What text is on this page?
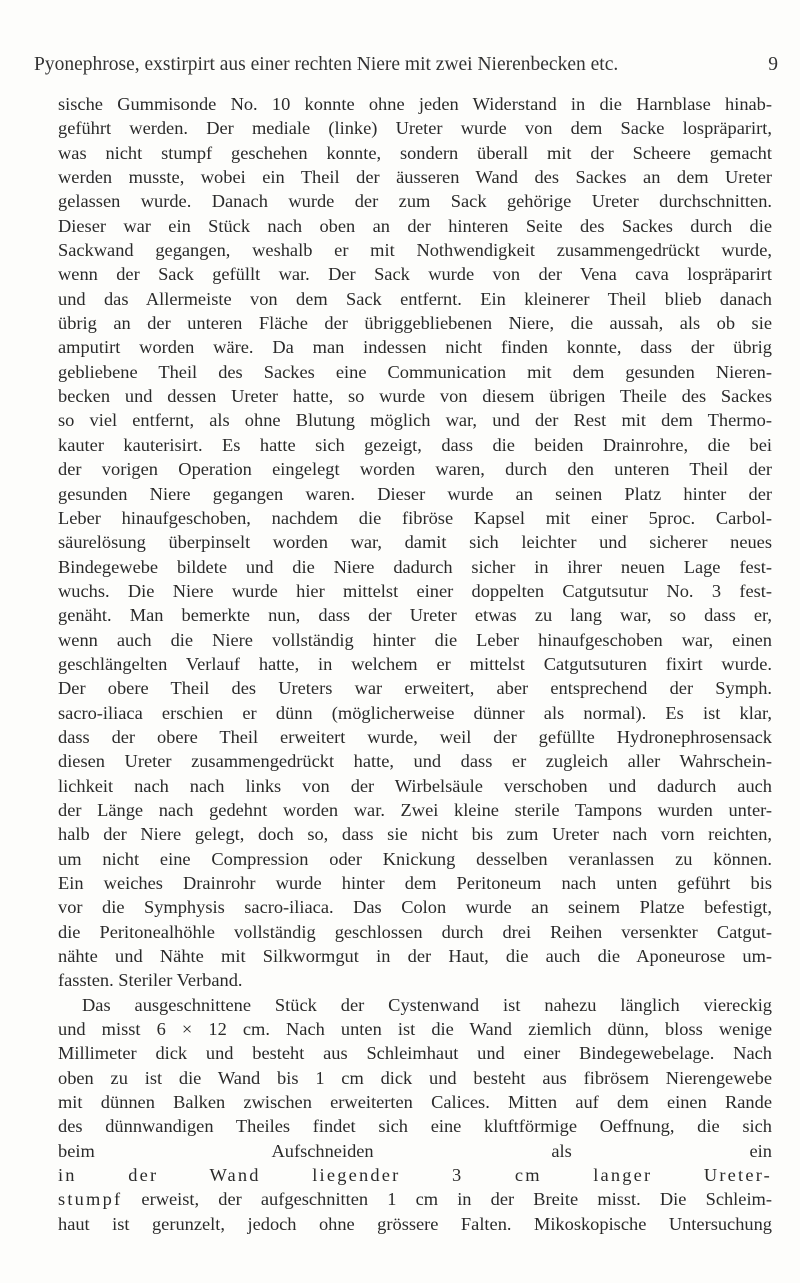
Pyonephrose, exstirpirt aus einer rechten Niere mit zwei Nierenbecken etc.	9
sische Gummisonde No. 10 konnte ohne jeden Widerstand in die Harnblase hinab-
geführt werden. Der mediale (linke) Ureter wurde von dem Sacke lospräparirt,
was nicht stumpf geschehen konnte, sondern überall mit der Scheere gemacht
werden musste, wobei ein Theil der äusseren Wand des Sackes an dem Ureter
gelassen wurde. Danach wurde der zum Sack gehörige Ureter durchschnitten.
Dieser war ein Stück nach oben an der hinteren Seite des Sackes durch die
Sackwand gegangen, weshalb er mit Nothwendigkeit zusammengedrückt wurde,
wenn der Sack gefüllt war. Der Sack wurde von der Vena cava lospräparirt
und das Allermeiste von dem Sack entfernt. Ein kleinerer Theil blieb danach
übrig an der unteren Fläche der übriggebliebenen Niere, die aussah, als ob sie
amputirt worden wäre. Da man indessen nicht finden konnte, dass der übrig
gebliebene Theil des Sackes eine Communication mit dem gesunden Nieren-
becken und dessen Ureter hatte, so wurde von diesem übrigen Theile des Sackes
so viel entfernt, als ohne Blutung möglich war, und der Rest mit dem Thermo-
kauter kauterisirt. Es hatte sich gezeigt, dass die beiden Drainrohre, die bei
der vorigen Operation eingelegt worden waren, durch den unteren Theil der
gesunden Niere gegangen waren. Dieser wurde an seinen Platz hinter der
Leber hinaufgeschoben, nachdem die fibröse Kapsel mit einer 5proc. Carbol-
säurelösung überpinselt worden war, damit sich leichter und sicherer neues
Bindegewebe bildete und die Niere dadurch sicher in ihrer neuen Lage fest-
wuchs. Die Niere wurde hier mittelst einer doppelten Catgutsutur No. 3 fest-
genäht. Man bemerkte nun, dass der Ureter etwas zu lang war, so dass er,
wenn auch die Niere vollständig hinter die Leber hinaufgeschoben war, einen
geschlängelten Verlauf hatte, in welchem er mittelst Catgutsuturen fixirt wurde.
Der obere Theil des Ureters war erweitert, aber entsprechend der Symph.
sacro-iliaca erschien er dünn (möglicherweise dünner als normal). Es ist klar,
dass der obere Theil erweitert wurde, weil der gefüllte Hydronephrosensack
diesen Ureter zusammengedrückt hatte, und dass er zugleich aller Wahrschein-
lichkeit nach nach links von der Wirbelsäule verschoben und dadurch auch
der Länge nach gedehnt worden war. Zwei kleine sterile Tampons wurden unter-
halb der Niere gelegt, doch so, dass sie nicht bis zum Ureter nach vorn reichten,
um nicht eine Compression oder Knickung desselben veranlassen zu können.
Ein weiches Drainrohr wurde hinter dem Peritoneum nach unten geführt bis
vor die Symphysis sacro-iliaca. Das Colon wurde an seinem Platze befestigt,
die Peritonealhöhle vollständig geschlossen durch drei Reihen versenkter Catgut-
nähte und Nähte mit Silkwormgut in der Haut, die auch die Aponeurose um-
fassten. Steriler Verband.
Das ausgeschnittene Stück der Cystenwand ist nahezu länglich viereckig
und misst 6 × 12 cm. Nach unten ist die Wand ziemlich dünn, bloss wenige
Millimeter dick und besteht aus Schleimhaut und einer Bindegewebelage. Nach
oben zu ist die Wand bis 1 cm dick und besteht aus fibrösem Nierengewebe
mit dünnen Balken zwischen erweiterten Calices. Mitten auf dem einen Rande
des dünnwandigen Theiles findet sich eine kluftförmige Oeffnung, die sich
beim Aufschneiden als ein
in der Wand liegender 3 cm langer Ureter-
stumpf erweist, der aufgeschnitten 1 cm in der Breite misst. Die Schleim-
haut ist gerunzelt, jedoch ohne grössere Falten. Mikoskopische Untersuchung
